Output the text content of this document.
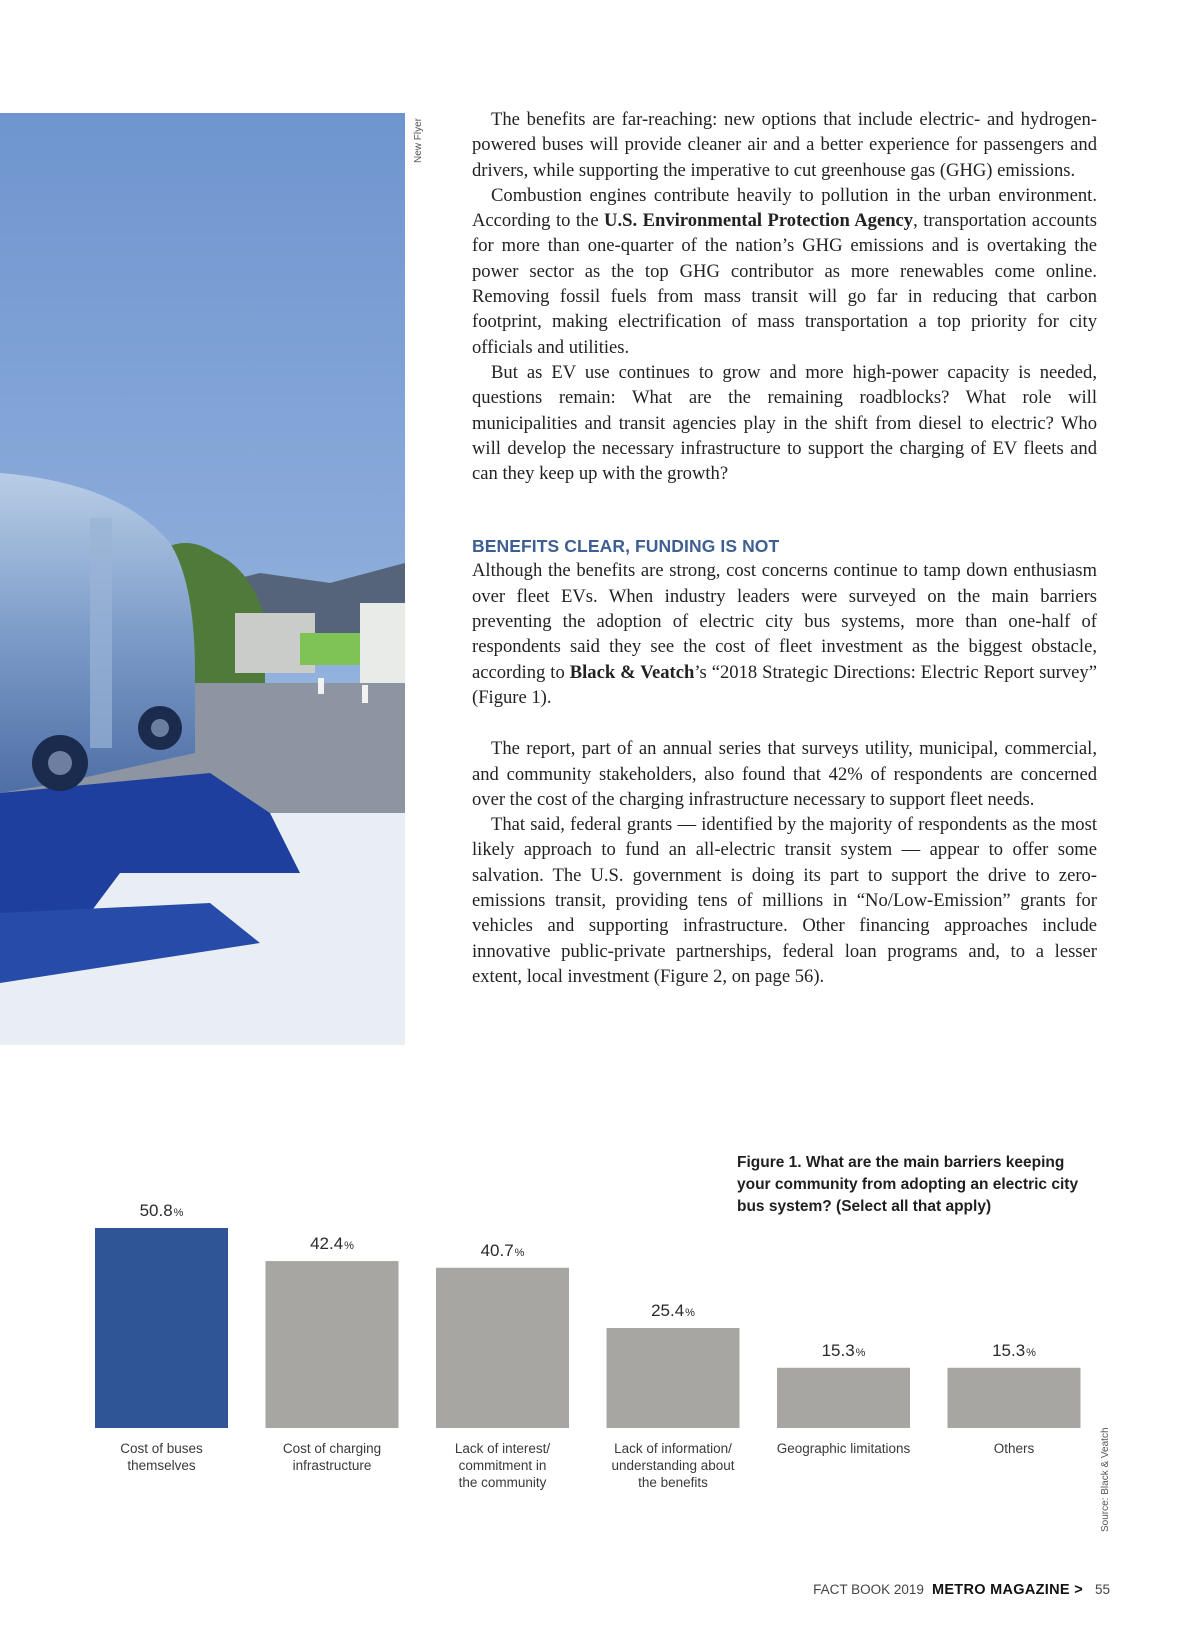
New Flyer	The benefits are far-reaching: new options that include electric- and hydrogen-powered buses will provide cleaner air and a better experience for passengers and drivers, while supporting the imperative to cut greenhouse gas (GHG) emissions.

Combustion engines contribute heavily to pollution in the urban environment. According to the U.S. Environmental Protection Agency, transportation accounts for more than one-quarter of the nation’s GHG emissions and is overtaking the power sector as the top GHG contributor as more renewables come online. Removing fossil fuels from mass transit will go far in reducing that carbon footprint, making electrification of mass transportation a top priority for city officials and utilities.

But as EV use continues to grow and more high-power capacity is needed, questions remain: What are the remaining roadblocks? What role will municipalities and transit agencies play in the shift from diesel to electric? Who will develop the necessary infrastructure to support the charging of EV fleets and can they keep up with the growth?

BENEFITS CLEAR, FUNDING IS NOT

Although the benefits are strong, cost concerns continue to tamp down enthusiasm over fleet EVs. When industry leaders were surveyed on the main barriers preventing the adoption of electric city bus systems, more than one-half of respondents said they see the cost of fleet investment as the biggest obstacle, according to Black & Veatch’s “2018 Strategic Directions: Electric Report survey” (Figure 1).

The report, part of an annual series that surveys utility, municipal, commercial, and community stakeholders, also found that 42% of respondents are concerned over the cost of the charging infrastructure necessary to support fleet needs.

That said, federal grants — identified by the majority of respondents as the most likely approach to fund an all-electric transit system — appear to offer some salvation. The U.S. government is doing its part to support the drive to zero-emissions transit, providing tens of millions in “No/Low-Emission” grants for vehicles and supporting infrastructure. Other financing approaches include innovative public-private partnerships, federal loan programs and, to a lesser extent, local investment (Figure 2, on page 56).

Figure 1. What are the main barriers keeping your community from adopting an electric city bus system? (Select all that apply)
50.8%
Cost of buses
themselves
42.4%
Cost of charging
infrastructure
40.7%
Lack of interest/
commitment in
the community
25.4%
Lack of information/
understanding about
the benefits
15.3%
Geographic limitations
15.3%
Others	Source: Black & Veatch
FACT BOOK 2019 METRO MAGAZINE > 55
